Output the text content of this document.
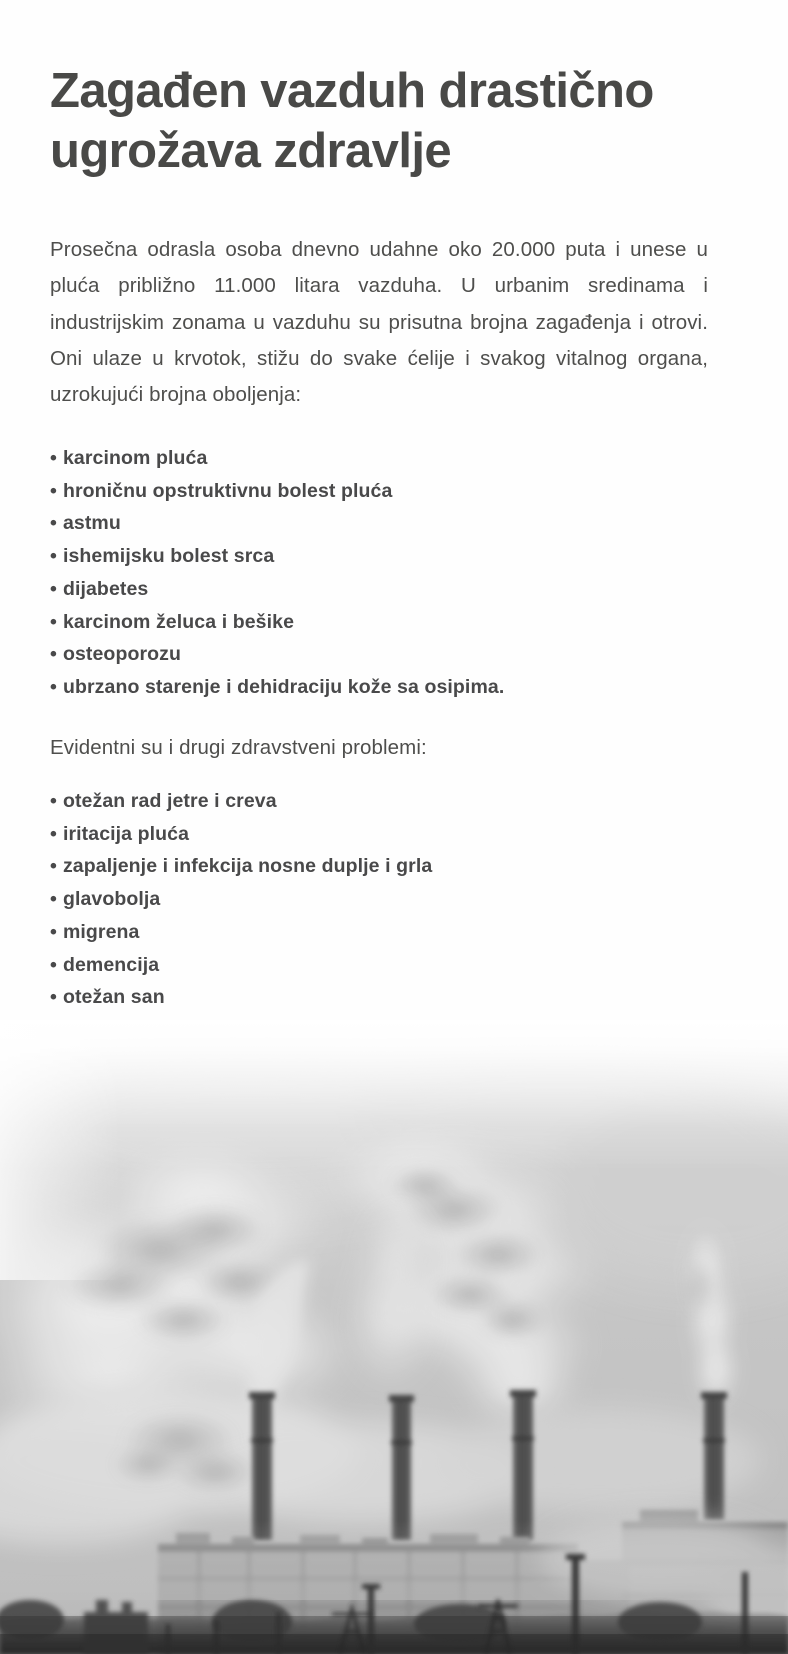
Zagađen vazduh drastično ugrožava zdravlje

Prosečna odrasla osoba dnevno udahne oko 20.000 puta i unese u pluća približno 11.000 litara vazduha. U urbanim sredinama i industrijskim zonama u vazduhu su prisutna brojna zagađenja i otrovi. Oni ulaze u krvotok, stižu do svake ćelije i svakog vitalnog organa, uzrokujući brojna oboljenja:

• karcinom pluća
• hroničnu opstruktivnu bolest pluća
• astmu
• ishemijsku bolest srca
• dijabetes
• karcinom želuca i bešike
• osteoporozu
• ubrzano starenje i dehidraciju kože sa osipima.

Evidentni su i drugi zdravstveni problemi:

• otežan rad jetre i creva
• iritacija pluća
• zapaljenje i infekcija nosne duplje i grla
• glavobolja
• migrena
• demencija
• otežan san
